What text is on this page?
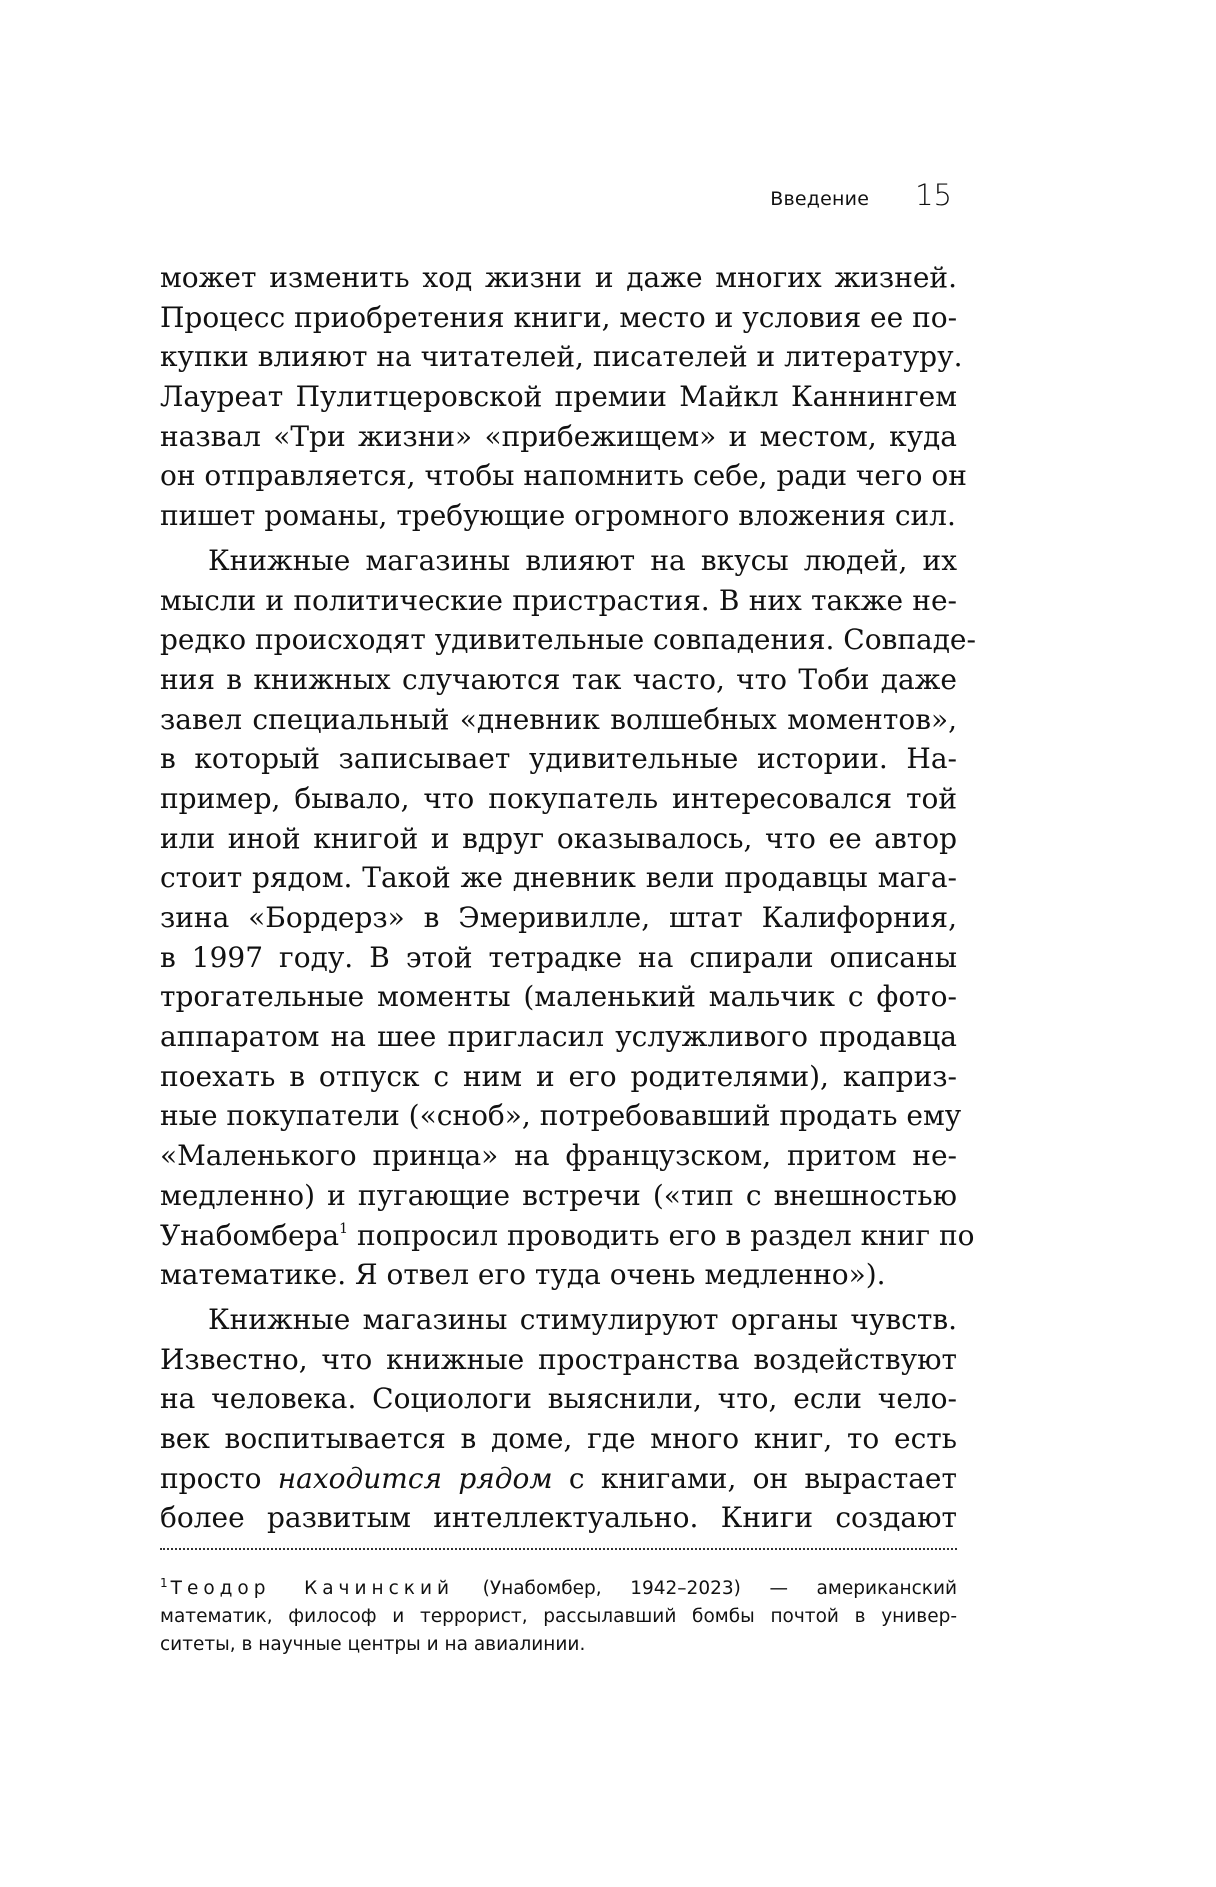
Введение 15
может изменить ход жизни и даже многих жизней.
Процесс приобретения книги, место и условия ее по-
купки влияют на читателей, писателей и литературу.
Лауреат Пулитцеровской премии Майкл Каннингем
назвал «Три жизни» «прибежищем» и местом, куда
он отправляется, чтобы напомнить себе, ради чего он
пишет романы, требующие огромного вложения сил.
Книжные магазины влияют на вкусы людей, их
мысли и политические пристрастия. В них также не-
редко происходят удивительные совпадения. Совпаде-
ния в книжных случаются так часто, что Тоби даже
завел специальный «дневник волшебных моментов»,
в который записывает удивительные истории. На-
пример, бывало, что покупатель интересовался той
или иной книгой и вдруг оказывалось, что ее автор
стоит рядом. Такой же дневник вели продавцы мага-
зина «Бордерз» в Эмеривилле, штат Калифорния,
в 1997 году. В этой тетрадке на спирали описаны
трогательные моменты (маленький мальчик с фото-
аппаратом на шее пригласил услужливого продавца
поехать в отпуск с ним и его родителями), каприз-
ные покупатели («сноб», потребовавший продать ему
«Маленького принца» на французском, притом не-
медленно) и пугающие встречи («тип с внешностью
Унабомбера$^1$ попросил проводить его в раздел книг по
математике. Я отвел его туда очень медленно»).
Книжные магазины стимулируют органы чувств.
Известно, что книжные пространства воздействуют
на человека. Социологи выяснили, что, если чело-
век воспитывается в доме, где много книг, то есть
просто находится рядом с книгами, он вырастает
более развитым интеллектуально. Книги создают
$^1$ Теодор Качинский (Унабомбер, 1942–2023) — американский
математик, философ и террорист, рассылавший бомбы почтой в универ-
ситеты, в научные центры и на авиалинии.
